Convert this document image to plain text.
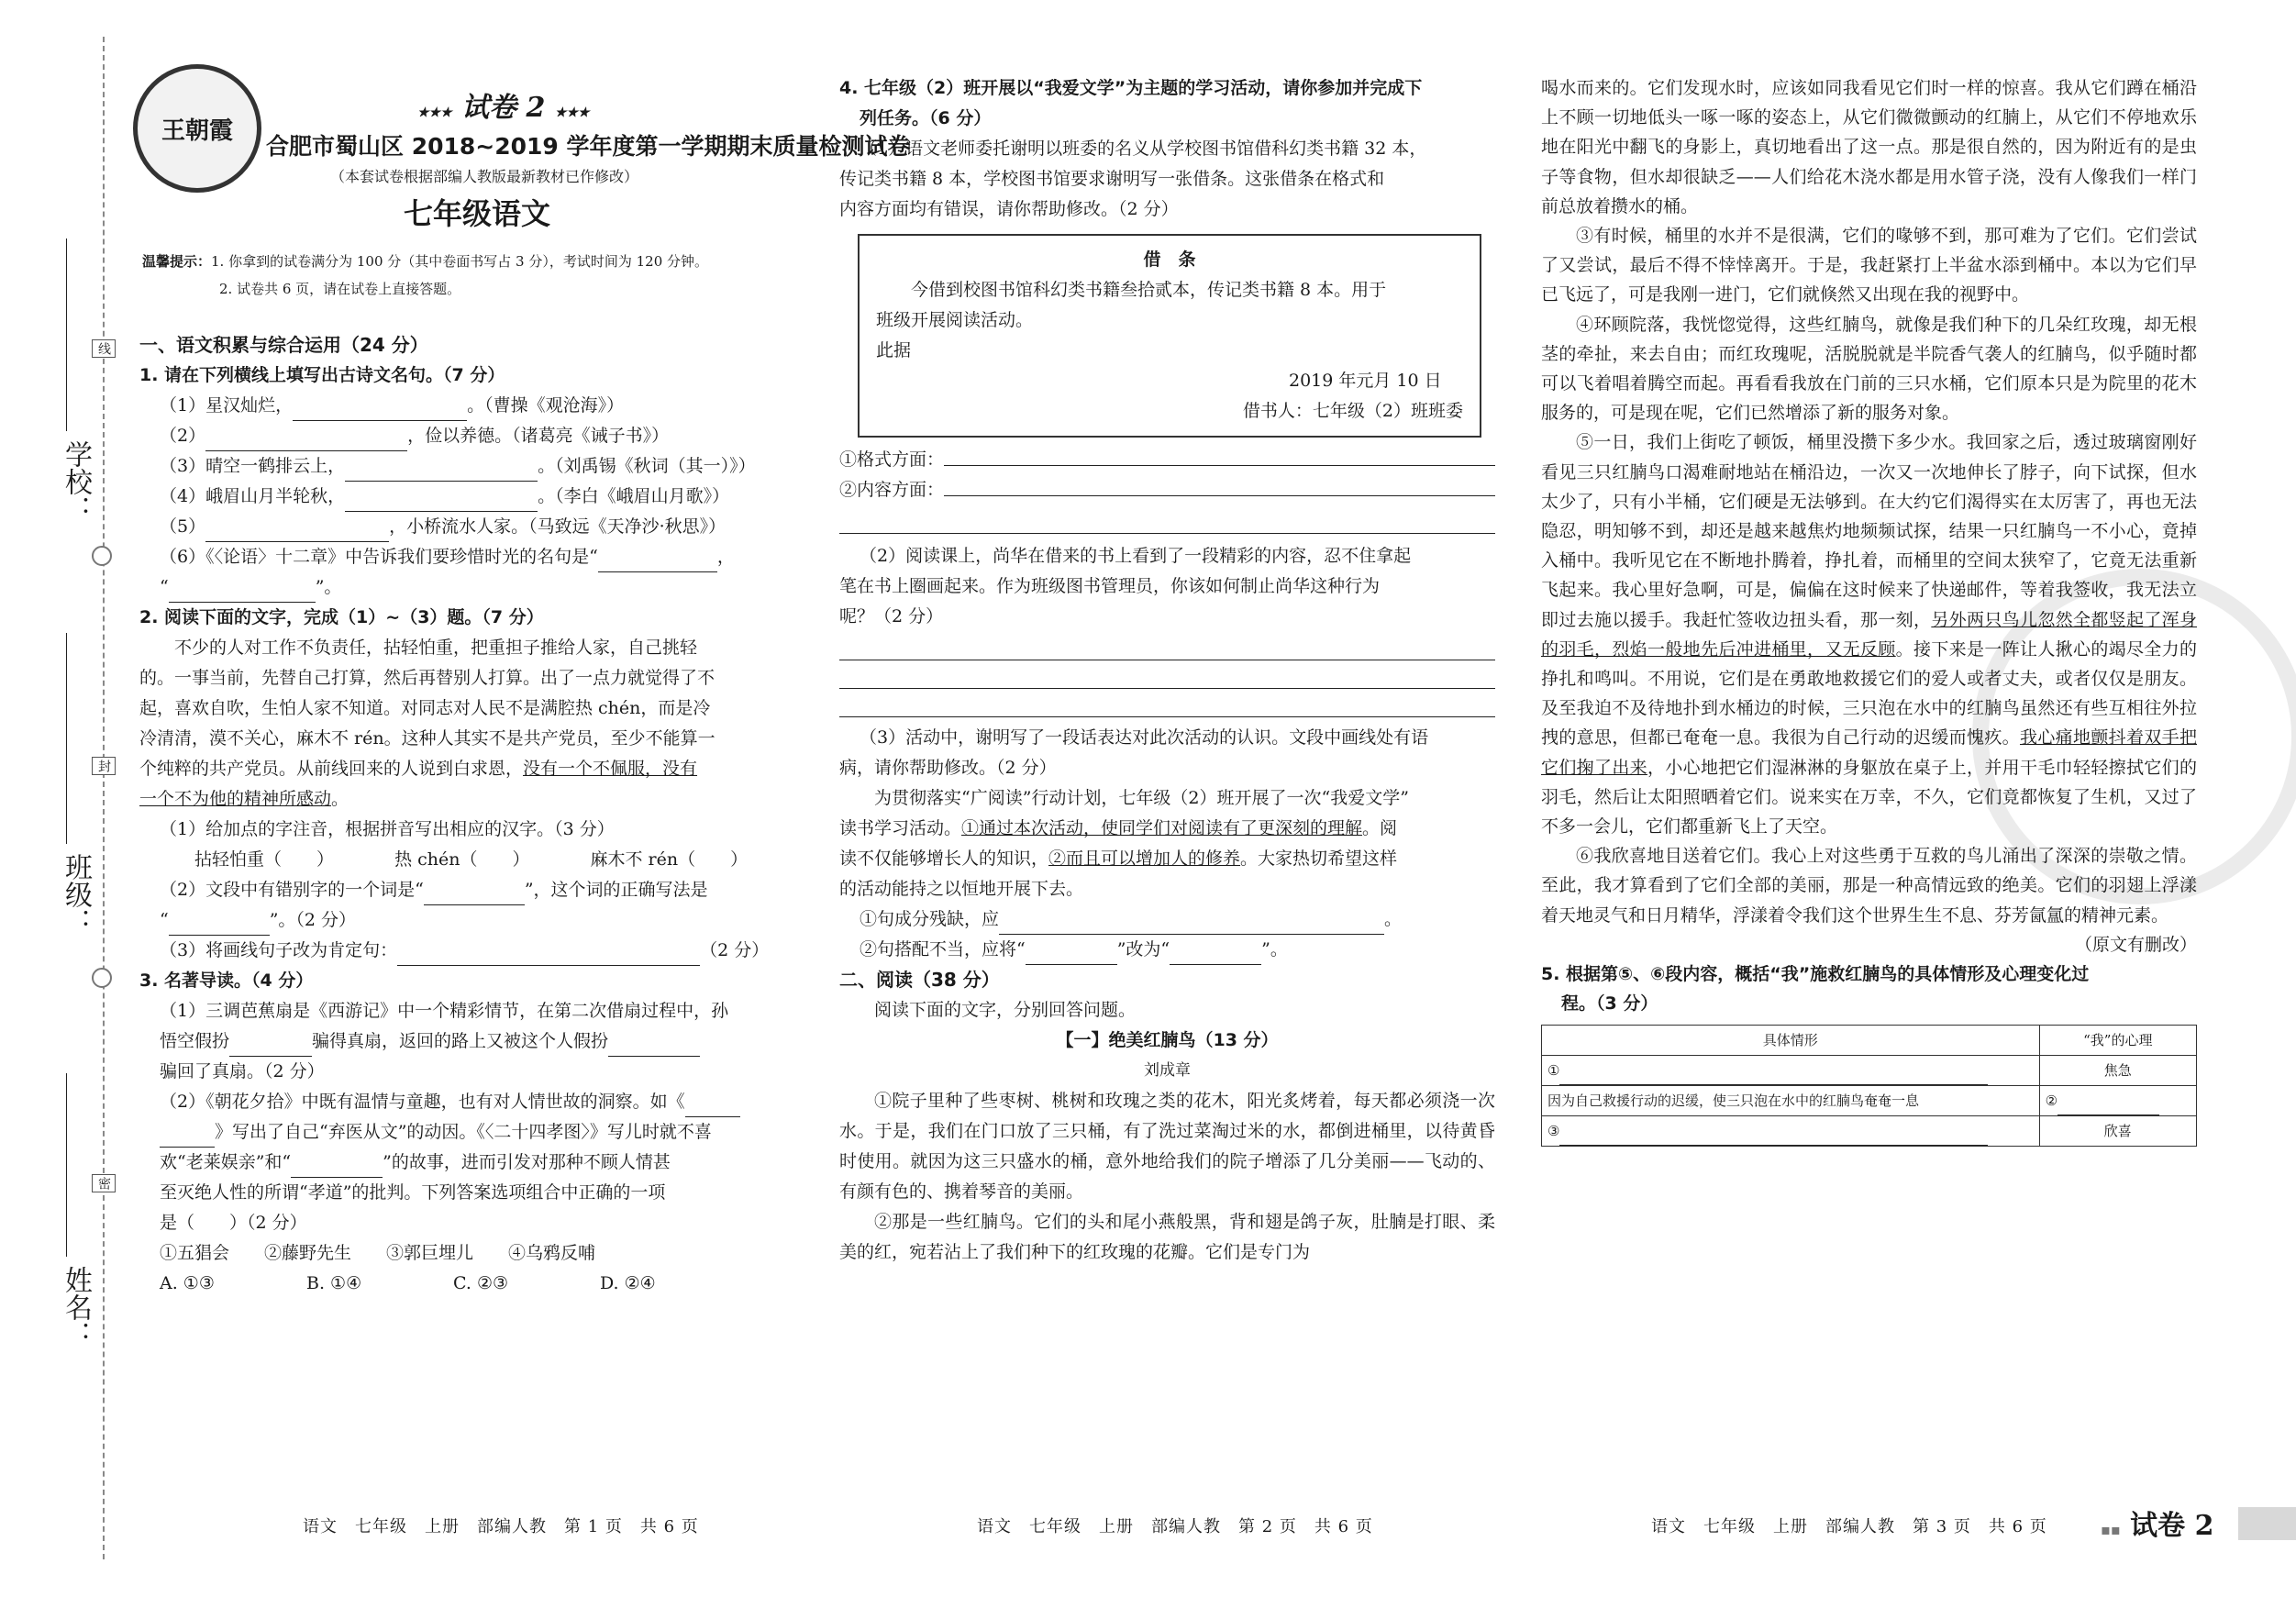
学校：
班级：
姓名：
线
封
密
王朝霞
★★★ 试卷 2 ★★★
合肥市蜀山区 2018~2019 学年度第一学期期末质量检测试卷
（本套试卷根据部编人教版最新教材已作修改）
七年级语文
温馨提示：1. 你拿到的试卷满分为 100 分（其中卷面书写占 3 分），考试时间为 120 分钟。
2. 试卷共 6 页，请在试卷上直接答题。

一、语文积累与综合运用（24 分）

1. 请在下列横线上填写出古诗文名句。（7 分）

（1）星汉灿烂，	。（曹操《观沧海》）

（2）	，俭以养德。（诸葛亮《诫子书》）

（3）晴空一鹤排云上，	。（刘禹锡《秋词（其一）》）

（4）峨眉山月半轮秋，	。（李白《峨眉山月歌》）

（5）	，小桥流水人家。（马致远《天净沙·秋思》）

（6）《〈论语〉十二章》中告诉我们要珍惜时光的名句是“	，

“	”。

2. 阅读下面的文字，完成（1）~（3）题。（7 分）

不少的人对工作不负责任，拈轻怕重，把重担子推给人家，自己挑轻

的。一事当前，先替自己打算，然后再替别人打算。出了一点力就觉得了不

起，喜欢自吹，生怕人家不知道。对同志对人民不是满腔热 chén，而是冷

冷清清，漠不关心，麻木不 rén。这种人其实不是共产党员，至少不能算一

个纯粹的共产党员。从前线回来的人说到白求恩，没有一个不佩服，没有

一个不为他的精神所感动。

（1）给加点的字注音，根据拼音写出相应的汉字。（3 分）

拈轻怕重（　　）	热 chén（　　）	麻木不 rén（　　）

（2）文段中有错别字的一个词是“	”，这个词的正确写法是

“	”。（2 分）

（3）将画线句子改为肯定句：	（2 分）

3. 名著导读。（4 分）

（1）三调芭蕉扇是《西游记》中一个精彩情节，在第二次借扇过程中，孙

悟空假扮	骗得真扇，返回的路上又被这个人假扮

骗回了真扇。（2 分）

（2）《朝花夕拾》中既有温情与童趣，也有对人情世故的洞察。如《

》写出了自己“弃医从文”的动因。《〈二十四孝图〉》写儿时就不喜

欢“老莱娱亲”和“	”的故事，进而引发对那种不顾人情甚

至灭绝人性的所谓“孝道”的批判。下列答案选项组合中正确的一项

是（　　）（2 分）

①五猖会　　②藤野先生　　③郭巨埋儿　　④乌鸦反哺

A. ①③	B. ①④	C. ②③	D. ②④

4. 七年级（2）班开展以“我爱文学”为主题的学习活动，请你参加并完成下

列任务。（6 分）

（1）语文老师委托谢明以班委的名义从学校图书馆借科幻类书籍 32 本，

传记类书籍 8 本，学校图书馆要求谢明写一张借条。这张借条在格式和

内容方面均有错误，请你帮助修改。（2 分）

借　条
今借到校图书馆科幻类书籍叁拾贰本，传记类书籍 8 本。用于
班级开展阅读活动。
此据
2019 年元月 10 日
借书人：七年级（2）班班委

①格式方面：

②内容方面：

（2）阅读课上，尚华在借来的书上看到了一段精彩的内容，忍不住拿起

笔在书上圈画起来。作为班级图书管理员，你该如何制止尚华这种行为

呢？（2 分）

（3）活动中，谢明写了一段话表达对此次活动的认识。文段中画线处有语

病，请你帮助修改。（2 分）

为贯彻落实“广阅读”行动计划，七年级（2）班开展了一次“我爱文学”

读书学习活动。①通过本次活动，使同学们对阅读有了更深刻的理解。阅

读不仅能够增长人的知识，②而且可以增加人的修养。大家热切希望这样

的活动能持之以恒地开展下去。

①句成分残缺，应	。

②句搭配不当，应将“	”改为“	”。

二、阅读（38 分）

阅读下面的文字，分别回答问题。

【一】绝美红腩鸟（13 分）

刘成章

①院子里种了些枣树、桃树和玫瑰之类的花木，阳光炙烤着，每天都必须浇一次水。于是，我们在门口放了三只桶，有了洗过菜淘过米的水，都倒进桶里，以待黄昏时使用。就因为这三只盛水的桶，意外地给我们的院子增添了几分美丽——飞动的、有颜有色的、携着琴音的美丽。

②那是一些红腩鸟。它们的头和尾小燕般黑，背和翅是鸽子灰，肚腩是打眼、柔美的红，宛若沾上了我们种下的红玫瑰的花瓣。它们是专门为

喝水而来的。它们发现水时，应该如同我看见它们时一样的惊喜。我从它们蹲在桶沿上不顾一切地低头一啄一啄的姿态上，从它们微微颤动的红腩上，从它们不停地欢乐地在阳光中翻飞的身影上，真切地看出了这一点。那是很自然的，因为附近有的是虫子等食物，但水却很缺乏——人们给花木浇水都是用水管子浇，没有人像我们一样门前总放着攒水的桶。

③有时候，桶里的水并不是很满，它们的喙够不到，那可难为了它们。它们尝试了又尝试，最后不得不悻悻离开。于是，我赶紧打上半盆水添到桶中。本以为它们早已飞远了，可是我刚一进门，它们就倏然又出现在我的视野中。

④环顾院落，我恍惚觉得，这些红腩鸟，就像是我们种下的几朵红玫瑰，却无根茎的牵扯，来去自由；而红玫瑰呢，活脱脱就是半院香气袭人的红腩鸟，似乎随时都可以飞着唱着腾空而起。再看看我放在门前的三只水桶，它们原本只是为院里的花木服务的，可是现在呢，它们已然增添了新的服务对象。

⑤一日，我们上街吃了顿饭，桶里没攒下多少水。我回家之后，透过玻璃窗刚好看见三只红腩鸟口渴难耐地站在桶沿边，一次又一次地伸长了脖子，向下试探，但水太少了，只有小半桶，它们硬是无法够到。在大约它们渴得实在太厉害了，再也无法隐忍，明知够不到，却还是越来越焦灼地频频试探，结果一只红腩鸟一不小心，竟掉入桶中。我听见它在不断地扑腾着，挣扎着，而桶里的空间太狭窄了，它竟无法重新飞起来。我心里好急啊，可是，偏偏在这时候来了快递邮件，等着我签收，我无法立即过去施以援手。我赶忙签收边扭头看，那一刻，另外两只鸟儿忽然全都竖起了浑身的羽毛，烈焰一般地先后冲进桶里，又无反顾。接下来是一阵让人揪心的竭尽全力的挣扎和鸣叫。不用说，它们是在勇敢地救援它们的爱人或者丈夫，或者仅仅是朋友。及至我迫不及待地扑到水桶边的时候，三只泡在水中的红腩鸟虽然还有些互相往外拉拽的意思，但都已奄奄一息。我很为自己行动的迟缓而愧疚。我心痛地颤抖着双手把它们掬了出来，小心地把它们湿淋淋的身躯放在桌子上，并用干毛巾轻轻擦拭它们的羽毛，然后让太阳照晒着它们。说来实在万幸，不久，它们竟都恢复了生机，又过了不多一会儿，它们都重新飞上了天空。

⑥我欣喜地目送着它们。我心上对这些勇于互救的鸟儿涌出了深深的崇敬之情。至此，我才算看到了它们全部的美丽，那是一种高情远致的绝美。它们的羽翅上浮漾着天地灵气和日月精华，浮漾着令我们这个世界生生不息、芬芳氤氲的精神元素。

（原文有删改）

5. 根据第⑤、⑥段内容，概括“我”施救红腩鸟的具体情形及心理变化过

程。（3 分）

具体情形	“我”的心理
①	焦急
因为自己救援行动的迟缓，使三只泡在水中的红腩鸟奄奄一息	②
③	欣喜
语文　七年级　上册　部编人教　第 1 页　共 6 页	语文　七年级　上册　部编人教　第 2 页　共 6 页	语文　七年级　上册　部编人教　第 3 页　共 6 页	▪▪ 试卷 2
